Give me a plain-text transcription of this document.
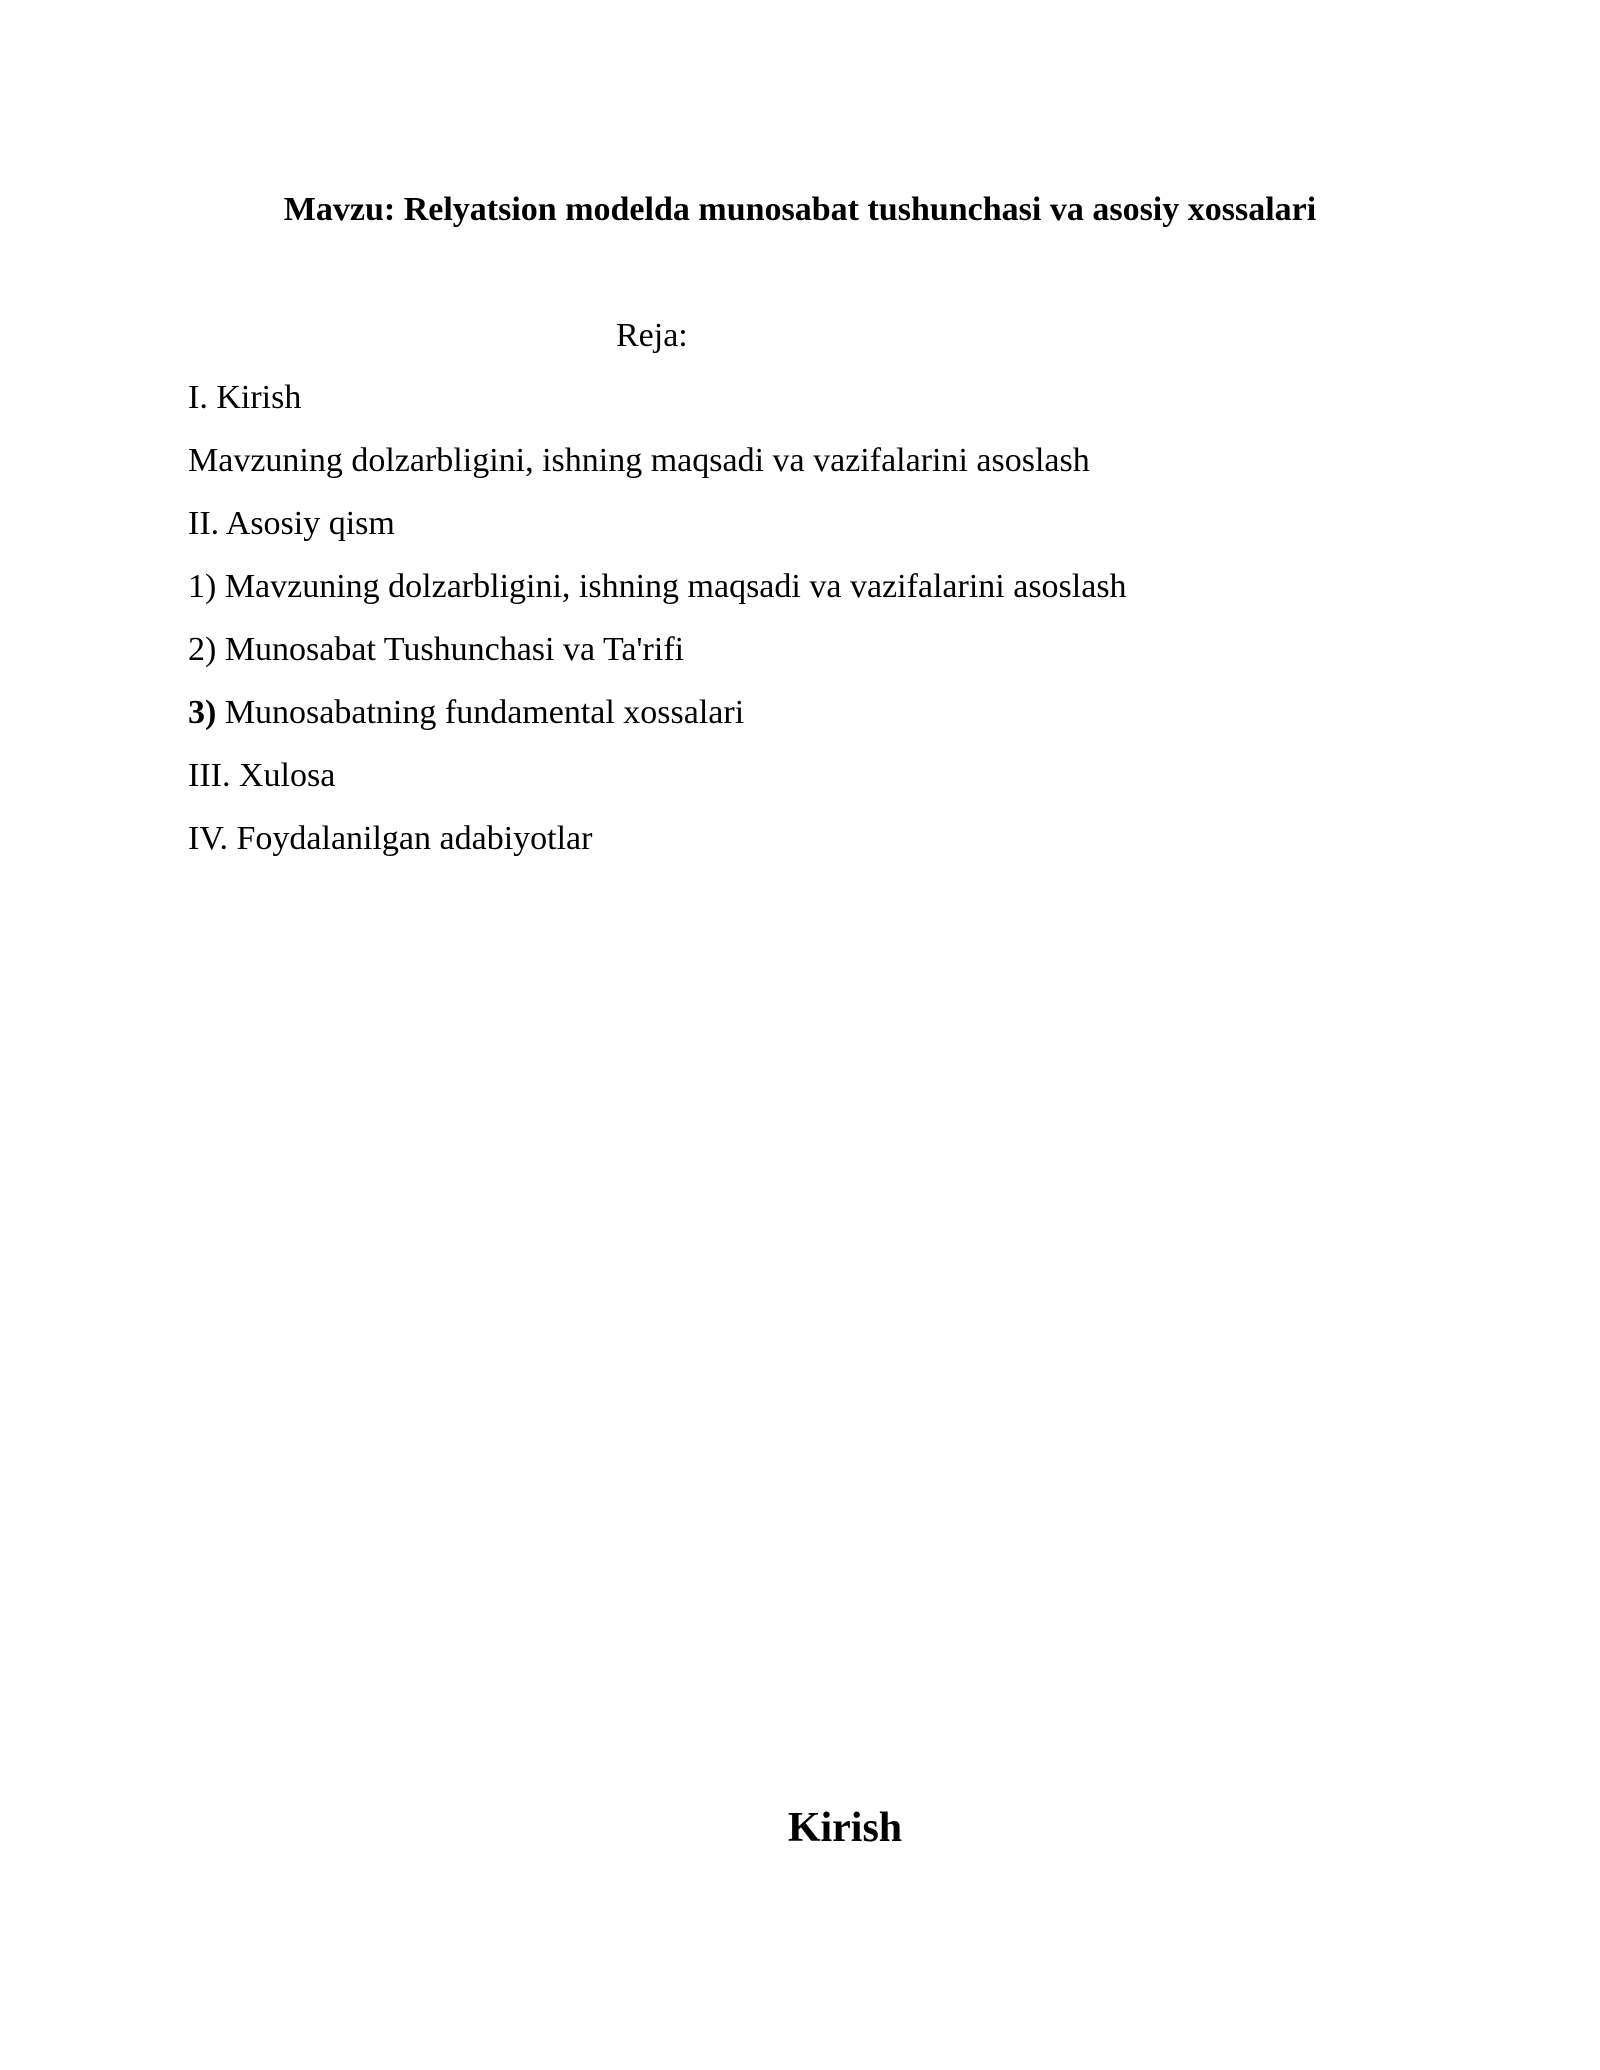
Mavzu: Relyatsion modelda munosabat tushunchasi va asosiy xossalari
Reja:
I. Kirish
Mavzuning dolzarbligini, ishning maqsadi va vazifalarini asoslash
II. Asosiy qism
1) Mavzuning dolzarbligini, ishning maqsadi va vazifalarini asoslash
2) Munosabat Tushunchasi va Ta'rifi
3) Munosabatning fundamental xossalari
III. Xulosa
IV. Foydalanilgan adabiyotlar
Kirish
